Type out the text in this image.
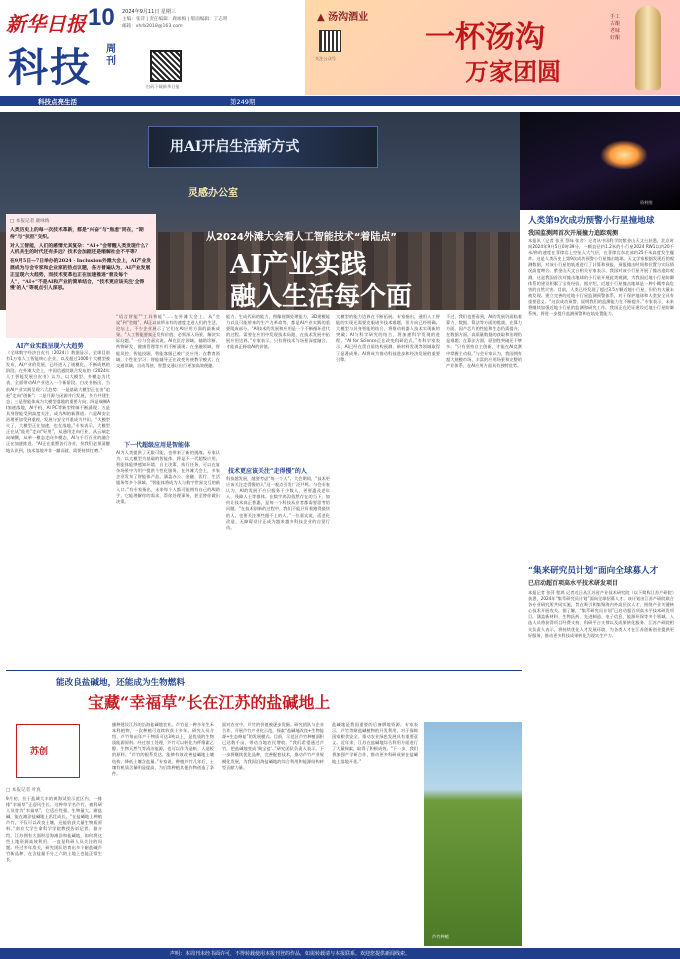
新华日报 10 2024年9月11日 星期三
主编：张萍 | 责任编辑：鹿咏梅 | 版面编辑：丁志明
邮箱：xhrb2018@163.com
科技 周刊
扫码下载新华日报
科技点亮生活	第249期
▲ 汤沟酒业
一杯汤沟
万家团圆
手工古酿 老味好酿
关注公众号
用AI开启生活新方式
灵感办公室
从2024外滩大会看人工智能技术“着陆点”
AI产业实践
融入生活每个面
资料图
□ 本报记者 鹿咏梅
人类历史上的每一次技术革新，都是“兴奋”与“焦虑”同在，“期待”与“抗拒”交织。
对人工智能，人们的感情尤其复杂：“AI+”会带醒人类发现什么？人机共生的时代还有多远？技术会加剧还是缩解社会不平等？
在9月5日—7日举办的2024 · Inclusion外滩大会上，AI产业发展成为与会专家和企业家的热点议题，各方普遍认为，AI产业发展正呈现六大趋势，而技术变革也正在加速推进“普及每个人”，“AI+”不是AI和产业的简单结合，“技术更应该关注‘全得慢’的人”等观点引人深思。
AI产业实践呈现六大趋势
《全球数字经济白皮书（2024）》数据显示，全球目前有1万家人工智能核心企业，以及超过1000个大模型被发布，AI产业的发展，已经进入了规模化，不断成熟的阶段。在外滩大会上，中国信通院联合发布的《2024年人工智能发展白皮书》认为，以大模型、多模态为代表，全面带动AI产业进入一个新阶段。白皮书指出，当前AI产业实践呈现六大趋势：一是基础大模型正在由“追赶”走向“创新”；二是开源与闭源并行发展，多方共建生态；三是智能体成为大模型落地的重要方向；四是端侧AI加速落地，AI手机、AI PC等新型终端不断涌现；五是具身智能受到高度关注，成为AI的新赛道；六是AI安全治理更加受到重视，发展与安全并重成为共识。“大模型火了，大模型正在加速，也在落地。”专家表示，大模型正在从“能用”走向“好用”，从通用走向行业，从云端走向端侧，从单一模态走向多模态，AI与千行百业的融合正在加速推进。“AI正在重塑各行各业，但我们必须清醒地认识到，技术落地并非一蹴而就，需要持续打磨。”
“语言智能”“工具智能”……在外滩大会上，从“会说”到“会做”，AI正以前所未有的速度走进人们的生活。论坛上，不少企业展示了它们在AI应用方面的最新成果。“人工智能要真正发挥价值，必须深入场景，解决实际问题。”一位与会嘉宾说。AI在医疗领域，辅助诊断、药物研发、健康管理等应用不断涌现；在金融领域，智能风控、智能投顾、智能客服已被广泛应用；在教育领域，个性化学习、智能辅导正在改变传统教学模式；在交通领域，自动驾驶、智慧交通让出行更加高效便捷。
下一代超级应用是智能体
AI为人类提供了无限可能，也带来了新的挑战。专家认为，以大模型为基础的智能体，将是下一代超级应用。智能体能够感知环境、自主决策、执行任务，可以在复杂场景中为用户提供个性化服务。在外滩大会上，多家企业发布了智能体产品，涵盖办公、金融、医疗、生活服务等多个领域。“智能体将成为人与数字世界交互的新入口。”有专家指出，未来每个人都可能拥有自己的AI助手，它能理解你的需求，帮你处理事务，甚至替你做出决策。
能力，生成代码的能力，图像视频处理能力，3D建模能力以及可能带来的生产力革命等，都是AI产业实践的重要组成部分。“AI技术的发展和应用是一个不断循环迭代的过程。需要在应用中发现技术局限，在技术发展中拓展应用边界。”专家表示，只有将技术与场景深度融合，才能真正释放AI的价值。
技术更应该关注“走得慢”的人
科技越发展，越要考虑“每一个人”。大会期间，“技术更应该关注走得慢的人”这一观点引发广泛共鸣。与会专家认为，AI的发展不应只服务于少数人，更要惠及老年人、残障人士等群体。在数字鸿沟依然存在的当下，如何让技术真正普惠，是每一个科技从业者都需要思考的问题。“在技术创新的过程中，我们不能只盯着跑得最快的人，也要关注那些跟不上的人。”一位嘉宾说，适老化改造、无障碍设计正成为越来越多科技企业的自觉行动。
大模型的能力边界在不断拓展。专家指出，通用人工智能的实现还需要克服诸多技术难题，但方向已经明确。大模型与具身智能的结合，将推动机器人技术实现新的突破；AI与科学研究的结合，将加速科学发现的进程。“AI for Science正在改变科研范式。”有科学家表示，AI已经在蛋白质结构预测、新材料发现等领域取得了显著成果。AI将成为推动科技进步和经济发展的重要引擎。
不过，我们也要看到，AI的发展仍面临着算力、数据、算法等方面的挑战。在算力方面，国产芯片的性能和生态仍需提升；在数据方面，高质量数据的获取和治理仍是难题；在算法方面，原创性突破还不够多。“只有坚持自主创新，才能在AI竞赛中掌握主动权。”与会专家认为，我国拥有超大规模市场、丰富的应用场景和完整的产业体系，在AI应用方面具有独特优势。
人类第9次成功预警小行星撞地球
我国监测网首次开展撞力追踪观测
本报讯（记者 张亚 蔡咏 张舍）记者从中国科学院紫金山天文台获悉，北京时间2024年9月5日0时39分，一颗直径约1.2米的小行星2024 RW1以约20千米/秒的速度在菲律宾上空坠入大气层，在菲律宾东北部约25千米高度发生爆炸。这是人类历史上第9次成功预警小行星撞击地球。天文学家根据发现后的观测数据，对该小行星的轨道进行了计算和预报，预报撞击时间和位置与实际情况高度吻合。紫金山天文台相关专家表示，我国对该小行星开展了撞击追踪观测，这是我国首次对撞击地球的小行星开展此类观测，为我国近地小行星防御体系的建设积累了宝贵经验。据介绍，近地小行星撞击地球是一种小概率高危害的自然灾害。目前，人类已经发现了超过3.5万颗近地小行星，但仍有大量未被发现。建立完善的近地小行星监测预警体系，对于保护地球和人类安全具有重要意义。“这次成功预警，说明我们的监测能力在不断提升。”专家表示，未来将继续加强近地小行星的监测和研究工作。我国正在论证建设近地小行星防御系统，将进一步提升监测预警和在轨处置能力。
“集来研究员计划”面向全球募人才
已启动超百项高水平技术研发项目
本报记者 张萍 程鸿 记者近日从江苏省产业技术研究院（以下简称江苏产研院）获悉，2024年“集萃研究员计划”面向全球招募人才。该计划由江苏产研院联合各专业研究所共同实施，旨在吸引和集聚海内外高层次人才，围绕产业关键核心技术开展攻关。据了解，“集萃研究员计划”已启动超百项高水平技术研发项目，涵盖新材料、生物医药、先进制造、电子信息、能源环保等多个领域。入选人员将获得项目经费支持、科研平台支撑以及成果转化服务。江苏产研院相关负责人表示，将持续优化人才发展环境，为各类人才在江苏创新创业提供更好服务，推动更多科技成果转化为现实生产力。
能改良盐碱地，还能成为生物燃料
宝藏“幸福草”长在江苏的盐碱地上
苏创
□ 本报记者 叶真
9月初，位于盐城大丰的黄海试验示范区内，一排排“幸福草”正迎风生长。这种草学名芦竹，被科研人员誉为“幸福草”，它适应性强，生物量大，耐盐碱，能在滩涂盐碱地上茁壮成长。“在盐碱地上种植芦竹，不仅可以改良土壤，还能收获大量生物质原料。”南京大学生命科学学院教授告诉记者。据介绍，江苏拥有大面积沿海滩涂和盐碱地，如何将这些土地资源高效利用，一直是科研人员关注的问题。经过多年攻关，研究团队培育出多个耐盐碱芦竹新品种，在含盐量千分之六的土地上也能正常生长。
播种建设江苏的沿海盐碱地农业。芦竹是一种多年生禾本科植物，一次种植可连续收获十多年。研究人员介绍，芦竹每亩年产干物质可达3吨以上，是优质的生物质能源原料。经过加工处理，芦竹可以转化为纤维素乙醇、生物天然气等清洁能源，也可以作为造纸、人造板的原料。“芦竹的根系发达，能够有效改善盐碱地土壤结构，降低土壤含盐量。”专家说，种植芦竹几年后，土壤有机质含量明显提高，为后续种植其他作物创造了条件。
面对农业中，芦竹的价值被逐步发掘。研究团队与企业合作，开展芦竹产业化示范，探索“盐碱地改良+生物能源+生态修复”的发展模式。目前，示范区芦竹种植面积已达数千亩，带动当地农民增收。“我们希望通过芦竹，把盐碱地变成‘聚宝盆’。”研究团队负责人表示，下一步将继续优化品种，完善配套技术，推动芦竹产业规模化发展，为我国沿海盐碱地的综合利用和能源结构转型贡献力量。
盐碱地是我国重要的后备耕地资源。专家表示，芦竹等耐盐碱植物的开发利用，对于保障国家粮食安全、推动农业绿色发展具有重要意义。近年来，江苏在盐碱地综合利用方面进行了大量探索，取得了积极成效。“下一步，我们将加强产学研合作，推动更多科研成果在盐碱地上落地开花。”
芦竹种植
声明：本周刊未经书面许可，不得转载使用本报刊登的作品，如需转载请与本报联系。欢迎您提供新闻线索。
